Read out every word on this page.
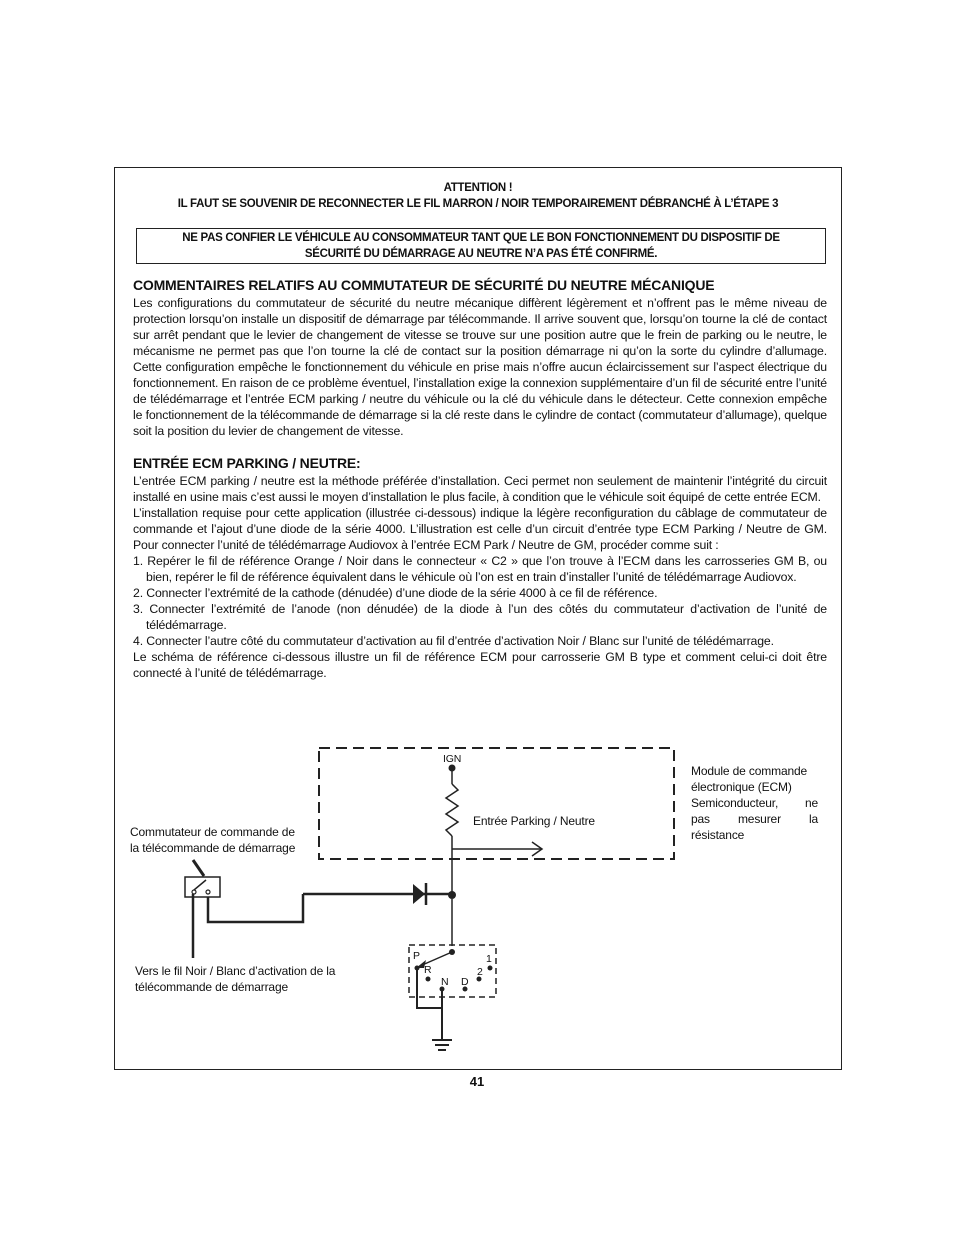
ATTENTION !
IL FAUT SE SOUVENIR DE RECONNECTER LE FIL MARRON / NOIR TEMPORAIREMENT DÉBRANCHÉ À L’ÉTAPE 3
NE PAS CONFIER LE VÉHICULE AU CONSOMMATEUR TANT QUE LE BON FONCTIONNEMENT DU DISPOSITIF DE
SÉCURITÉ DU DÉMARRAGE AU NEUTRE N’A PAS ÉTÉ CONFIRMÉ.
COMMENTAIRES RELATIFS AU COMMUTATEUR DE SÉCURITÉ DU NEUTRE MÉCANIQUE

Les configurations du commutateur de sécurité du neutre mécanique diffèrent légèrement et n’offrent pas le même niveau de protection lorsqu’on installe un dispositif de démarrage par télécommande. Il arrive souvent que, lorsqu’on tourne la clé de contact sur arrêt pendant que le levier de changement de vitesse se trouve sur une position autre que le frein de parking ou le neutre, le mécanisme ne permet pas que l’on tourne la clé de contact sur la position démarrage ni qu’on la sorte du cylindre d’allumage. Cette configuration empêche le fonctionnement du véhicule en prise mais n’offre aucun éclaircissement sur l’aspect électrique du fonctionnement. En raison de ce problème éventuel, l’installation exige la connexion supplémentaire d’un fil de sécurité entre l’unité de télédémarrage et l’entrée ECM parking / neutre du véhicule ou la clé du véhicule dans le détecteur. Cette connexion empêche le fonctionnement de la télécommande de démarrage si la clé reste dans le cylindre de contact (commutateur d’allumage), quelque soit la position du levier de changement de vitesse.

ENTRÉE ECM PARKING / NEUTRE:

L’entrée ECM parking / neutre est la méthode préférée d’installation. Ceci permet non seulement de maintenir l’intégrité du circuit installé en usine mais c’est aussi le moyen d’installation le plus facile, à condition que le véhicule soit équipé de cette entrée ECM.

L’installation requise pour cette application (illustrée ci-dessous) indique la légère reconfiguration du câblage de commutateur de commande et l’ajout d’une diode de la série 4000. L’illustration est celle d’un circuit d’entrée type ECM Parking / Neutre de GM. Pour connecter l’unité de télédémarrage Audiovox à l’entrée ECM Park / Neutre de GM, procéder comme suit :

1. Repérer le fil de référence Orange / Noir dans le connecteur « C2 » que l’on trouve à l’ECM dans les carrosseries GM B, ou bien, repérer le fil de référence équivalent dans le véhicule où l’on est en train d’installer l’unité de télédémarrage Audiovox.
2. Connecter l’extrémité de la cathode (dénudée) d’une diode de la série 4000 à ce fil de référence.
3. Connecter l’extrémité de l’anode (non dénudée) de la diode à l’un des côtés du commutateur d’activation de l’unité de télédémarrage.
4. Connecter l’autre côté du commutateur d’activation au fil d’entrée d’activation Noir / Blanc sur l’unité de télédémarrage.

Le schéma de référence ci-dessous illustre un fil de référence ECM pour carrosserie GM B type et comment celui-ci doit être connecté à l’unité de télédémarrage.

IGN
Entrée Parking / Neutre
Module de commande
électronique (ECM)
Semiconducteur, ne
pas mesurer la
résistance
Commutateur de commande de
la télécommande de démarrage
Vers le fil Noir / Blanc d’activation de la
télécommande de démarrage
P
R
N D
2
1
41
